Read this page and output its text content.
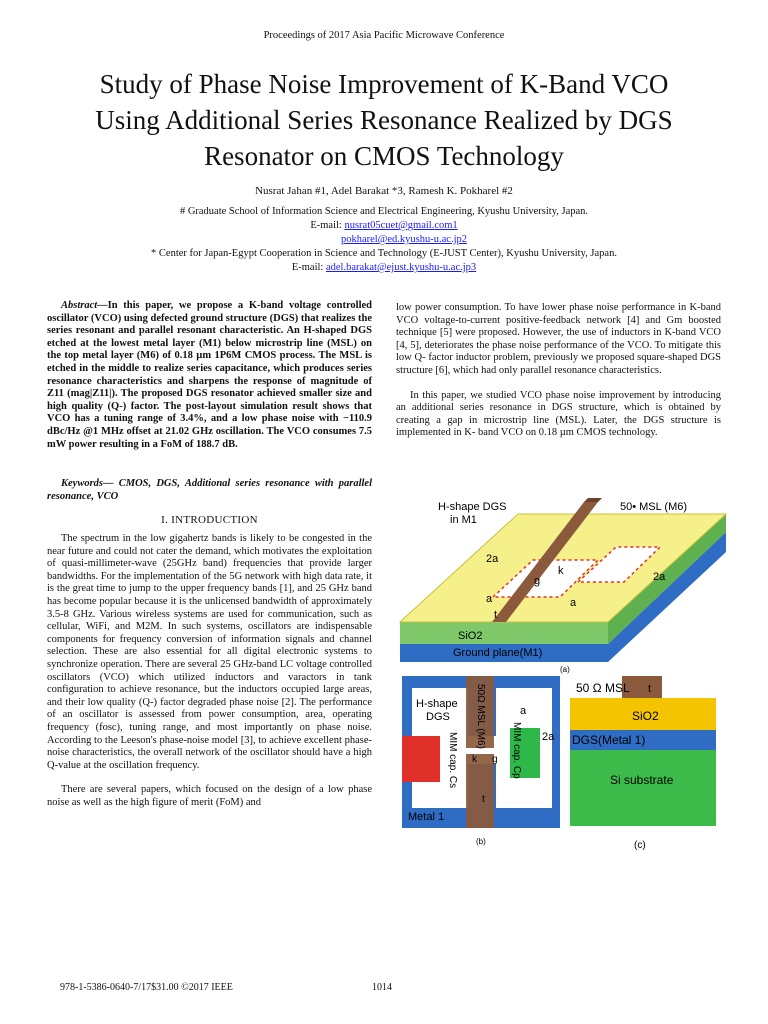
Proceedings of 2017 Asia Pacific Microwave Conference
Study of Phase Noise Improvement of K-Band VCO
Using Additional Series Resonance Realized by DGS
Resonator on CMOS Technology
Nusrat Jahan #1, Adel Barakat *3, Ramesh K. Pokharel #2
# Graduate School of Information Science and Electrical Engineering, Kyushu University, Japan.
E-mail: nusrat05cuet@gmail.com1
pokharel@ed.kyushu-u.ac.jp2
* Center for Japan-Egypt Cooperation in Science and Technology (E-JUST Center), Kyushu University, Japan.
E-mail: adel.barakat@ejust.kyushu-u.ac.jp3

Abstract—In this paper, we propose a K-band voltage controlled oscillator (VCO) using defected ground structure (DGS) that realizes the series resonant and parallel resonant characteristic. An H-shaped DGS etched at the lowest metal layer (M1) below microstrip line (MSL) on the top metal layer (M6) of 0.18 µm 1P6M CMOS process. The MSL is etched in the middle to realize series capacitance, which produces series resonance characteristics and sharpens the response of magnitude of Z11 (mag|Z11|). The proposed DGS resonator achieved smaller size and high quality (Q-) factor. The post-layout simulation result shows that VCO has a tuning range of 3.4%, and a low phase noise with −110.9 dBc/Hz @1 MHz offset at 21.02 GHz oscillation. The VCO consumes 7.5 mW power resulting in a FoM of 188.7 dB.

Keywords— CMOS, DGS, Additional series resonance with parallel resonance, VCO

I. INTRODUCTION

The spectrum in the low gigahertz bands is likely to be congested in the near future and could not cater the demand, which motivates the exploitation of quasi-millimeter-wave (25GHz band) frequencies that provide larger bandwidths. For the implementation of the 5G network with high data rate, it is the great time to jump to the upper frequency bands [1], and 25 GHz band has become popular because it is the unlicensed bandwidth of approximately 3.5-8 GHz. Various wireless systems are used for communication, such as cellular, WiFi, and M2M. In such systems, oscillators are indispensable components for frequency conversion of information signals and channel selection. These are also essential for all digital electronic systems to synchronize operation. There are several 25 GHz-band LC voltage controlled oscillators (VCO) which utilized inductors and varactors in tank configuration to achieve resonance, but the inductors occupied large areas, and their low quality (Q-) factor degraded phase noise [2]. The performance of an oscillator is assessed from power consumption, area, operating frequency (fosc), tuning range, and most importantly on phase noise. According to the Leeson's phase-noise model [3], to achieve excellent phase-noise characteristics, the overall network of the oscillator should have a high Q-value at the oscillation frequency.

There are several papers, which focused on the design of a low phase noise as well as the high figure of merit (FoM) and

low power consumption. To have lower phase noise performance in K-band VCO voltage-to-current positive-feedback network [4] and Gm boosted technique [5] were proposed. However, the use of inductors in K-band VCO [4, 5], deteriorates the phase noise performance of the VCO. To mitigate this low Q- factor inductor problem, previously we proposed square-shaped DGS structure [6], which had only parallel resonance characteristics.

In this paper, we studied VCO phase noise improvement by introducing an additional series resonance in DGS structure, which is obtained by creating a gap in microstrip line (MSL). Later, the DGS structure is implemented in K- band VCO on 0.18 µm CMOS technology.

H-shape DGS
in M1
50• MSL (M6)
2a
2a
a	a
g
k
t
SiO2
Ground plane(M1)
(a)
H-shape
DGS
Metal 1
a
2a
k g
t
50Ω MSL (M6)
MIM cap. Cs	MIM cap. Cp
(b)
50 Ω MSL t
SiO2
DGS(Metal 1)
Si substrate
(c)
978-1-5386-0640-7/17$31.00 ©2017 IEEE	1014
